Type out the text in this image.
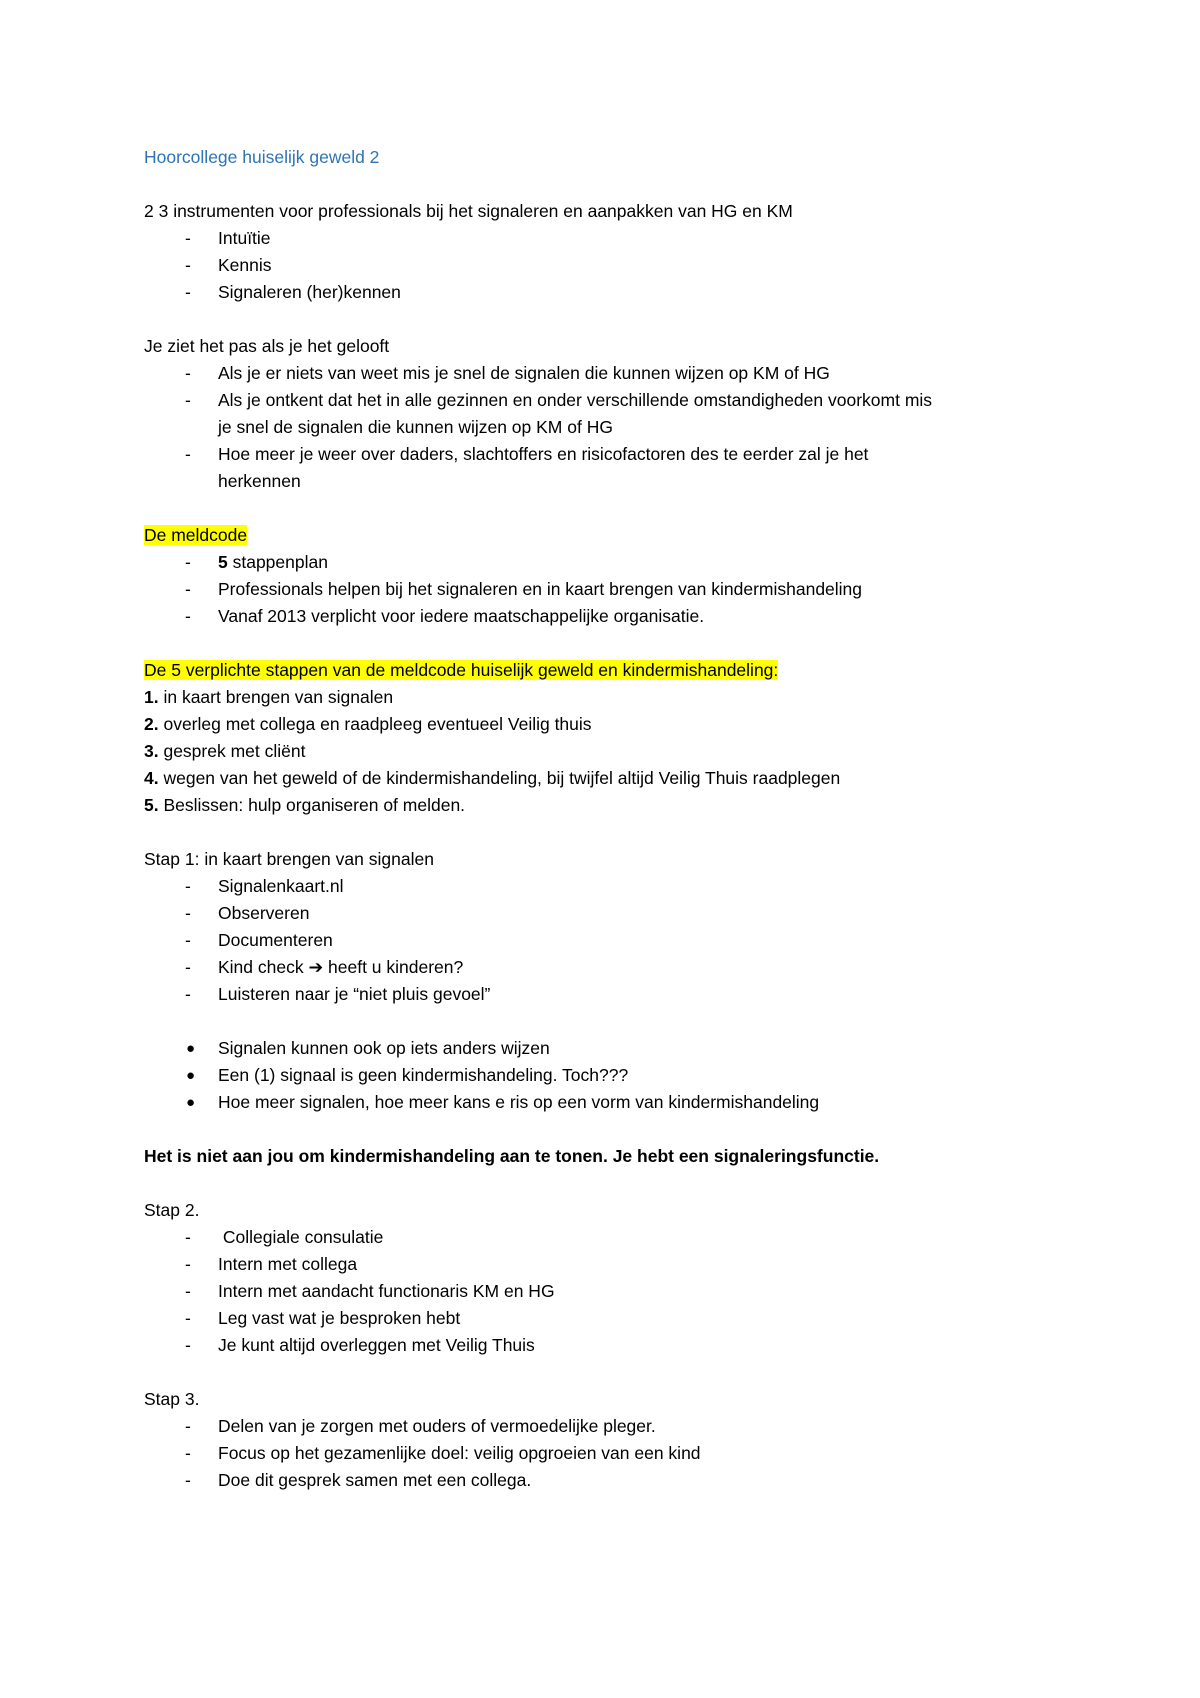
Hoorcollege huiselijk geweld 2
2 3 instrumenten voor professionals bij het signaleren en aanpakken van HG en KM
- Intuïtie
- Kennis
- Signaleren (her)kennen
Je ziet het pas als je het gelooft
- Als je er niets van weet mis je snel de signalen die kunnen wijzen op KM of HG
- Als je ontkent dat het in alle gezinnen en onder verschillende omstandigheden voorkomt mis
je snel de signalen die kunnen wijzen op KM of HG
- Hoe meer je weer over daders, slachtoffers en risicofactoren des te eerder zal je het
herkennen
De meldcode
- 5 stappenplan
- Professionals helpen bij het signaleren en in kaart brengen van kindermishandeling
- Vanaf 2013 verplicht voor iedere maatschappelijke organisatie.
De 5 verplichte stappen van de meldcode huiselijk geweld en kindermishandeling:
1. in kaart brengen van signalen
2. overleg met collega en raadpleeg eventueel Veilig thuis
3. gesprek met cliënt
4. wegen van het geweld of de kindermishandeling, bij twijfel altijd Veilig Thuis raadplegen
5. Beslissen: hulp organiseren of melden.
Stap 1: in kaart brengen van signalen
- Signalenkaart.nl
- Observeren
- Documenteren
- Kind check ➔ heeft u kinderen?
- Luisteren naar je “niet pluis gevoel”
● Signalen kunnen ook op iets anders wijzen
● Een (1) signaal is geen kindermishandeling. Toch???
● Hoe meer signalen, hoe meer kans e ris op een vorm van kindermishandeling
Het is niet aan jou om kindermishandeling aan te tonen. Je hebt een signaleringsfunctie.
Stap 2.
- Collegiale consulatie
- Intern met collega
- Intern met aandacht functionaris KM en HG
- Leg vast wat je besproken hebt
- Je kunt altijd overleggen met Veilig Thuis
Stap 3.
- Delen van je zorgen met ouders of vermoedelijke pleger.
- Focus op het gezamenlijke doel: veilig opgroeien van een kind
- Doe dit gesprek samen met een collega.
